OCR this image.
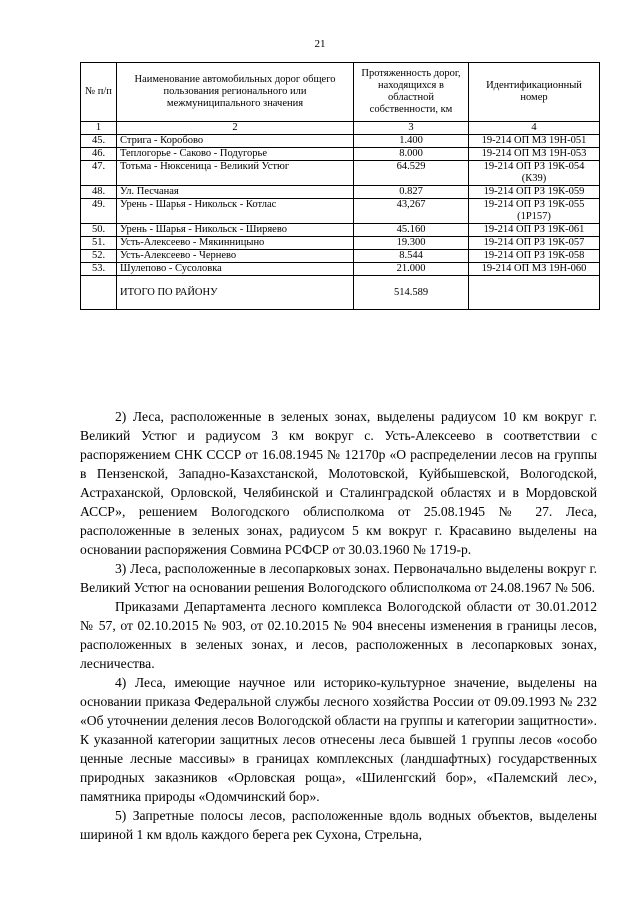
21
№ п/п	Наименование автомобильных дорог общего пользования регионального или межмуниципального значения	Протяженность дорог, находящихся в областной собственности, км	Идентификационный номер
1	2	3	4
45.	Стрига - Коробово	1.400	19-214 ОП МЗ 19Н-051
46.	Теплогорье - Саково - Подугорье	8.000	19-214 ОП МЗ 19Н-053
47.	Тотьма - Нюксеница - Великий Устюг	64.529	19-214 ОП РЗ 19К-054 (К39)
48.	Ул. Песчаная	0.827	19-214 ОП РЗ 19К-059
49.	Урень - Шарья - Никольск - Котлас	43,267	19-214 ОП РЗ 19К-055 (1Р157)
50.	Урень - Шарья - Никольск - Ширяево	45.160	19-214 ОП РЗ 19К-061
51.	Усть-Алексеево - Мякинницыно	19.300	19-214 ОП РЗ 19К-057
52.	Усть-Алексеево - Чернево	8.544	19-214 ОП РЗ 19К-058
53.	Шулепово - Сусоловка	21.000	19-214 ОП МЗ 19Н-060
	ИТОГО ПО РАЙОНУ	514.589	

2) Леса, расположенные в зеленых зонах, выделены радиусом 10 км вокруг г. Великий Устюг и радиусом 3 км вокруг с. Усть-Алексеево в соответствии с распоряжением СНК СССР от 16.08.1945 № 12170р «О распределении лесов на группы в Пензенской, Западно-Казахстанской, Молотовской, Куйбышевской, Вологодской, Астраханской, Орловской, Челябинской и Сталинградской областях и в Мордовской АССР», решением Вологодского облисполкома от 25.08.1945 № 27. Леса, расположенные в зеленых зонах, радиусом 5 км вокруг г. Красавино выделены на основании распоряжения Совмина РСФСР от 30.03.1960 № 1719-р.

3) Леса, расположенные в лесопарковых зонах. Первоначально выделены вокруг г. Великий Устюг на основании решения Вологодского облисполкома от 24.08.1967 № 506.

Приказами Департамента лесного комплекса Вологодской области от 30.01.2012 № 57, от 02.10.2015 № 903, от 02.10.2015 № 904 внесены изменения в границы лесов, расположенных в зеленых зонах, и лесов, расположенных в лесопарковых зонах, лесничества.

4) Леса, имеющие научное или историко-культурное значение, выделены на основании приказа Федеральной службы лесного хозяйства России от 09.09.1993 № 232 «Об уточнении деления лесов Вологодской области на группы и категории защитности». К указанной категории защитных лесов отнесены леса бывшей 1 группы лесов «особо ценные лесные массивы» в границах комплексных (ландшафтных) государственных природных заказников «Орловская роща», «Шиленгский бор», «Палемский лес», памятника природы «Одомчинский бор».

5) Запретные полосы лесов, расположенные вдоль водных объектов, выделены шириной 1 км вдоль каждого берега рек Сухона, Стрельна,
